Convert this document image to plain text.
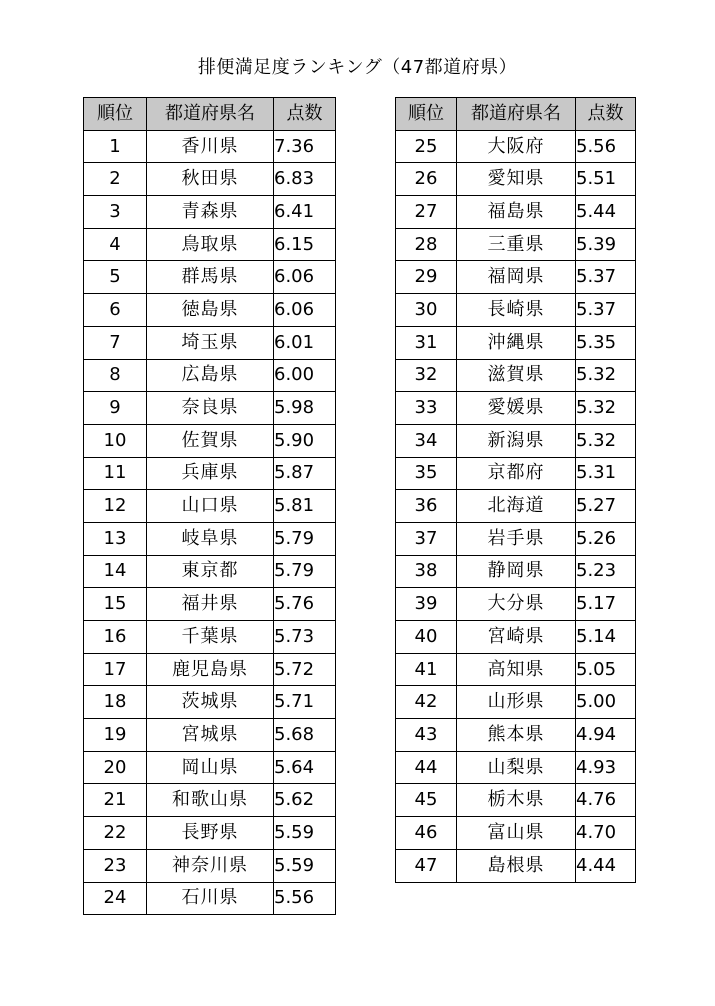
排便満足度ランキング（47都道府県）
順位	都道府県名	点数
1	香川県	7.36
2	秋田県	6.83
3	青森県	6.41
4	鳥取県	6.15
5	群馬県	6.06
6	徳島県	6.06
7	埼玉県	6.01
8	広島県	6.00
9	奈良県	5.98
10	佐賀県	5.90
11	兵庫県	5.87
12	山口県	5.81
13	岐阜県	5.79
14	東京都	5.79
15	福井県	5.76
16	千葉県	5.73
17	鹿児島県	5.72
18	茨城県	5.71
19	宮城県	5.68
20	岡山県	5.64
21	和歌山県	5.62
22	長野県	5.59
23	神奈川県	5.59
24	石川県	5.56
順位	都道府県名	点数
25	大阪府	5.56
26	愛知県	5.51
27	福島県	5.44
28	三重県	5.39
29	福岡県	5.37
30	長崎県	5.37
31	沖縄県	5.35
32	滋賀県	5.32
33	愛媛県	5.32
34	新潟県	5.32
35	京都府	5.31
36	北海道	5.27
37	岩手県	5.26
38	静岡県	5.23
39	大分県	5.17
40	宮崎県	5.14
41	高知県	5.05
42	山形県	5.00
43	熊本県	4.94
44	山梨県	4.93
45	栃木県	4.76
46	富山県	4.70
47	島根県	4.44
